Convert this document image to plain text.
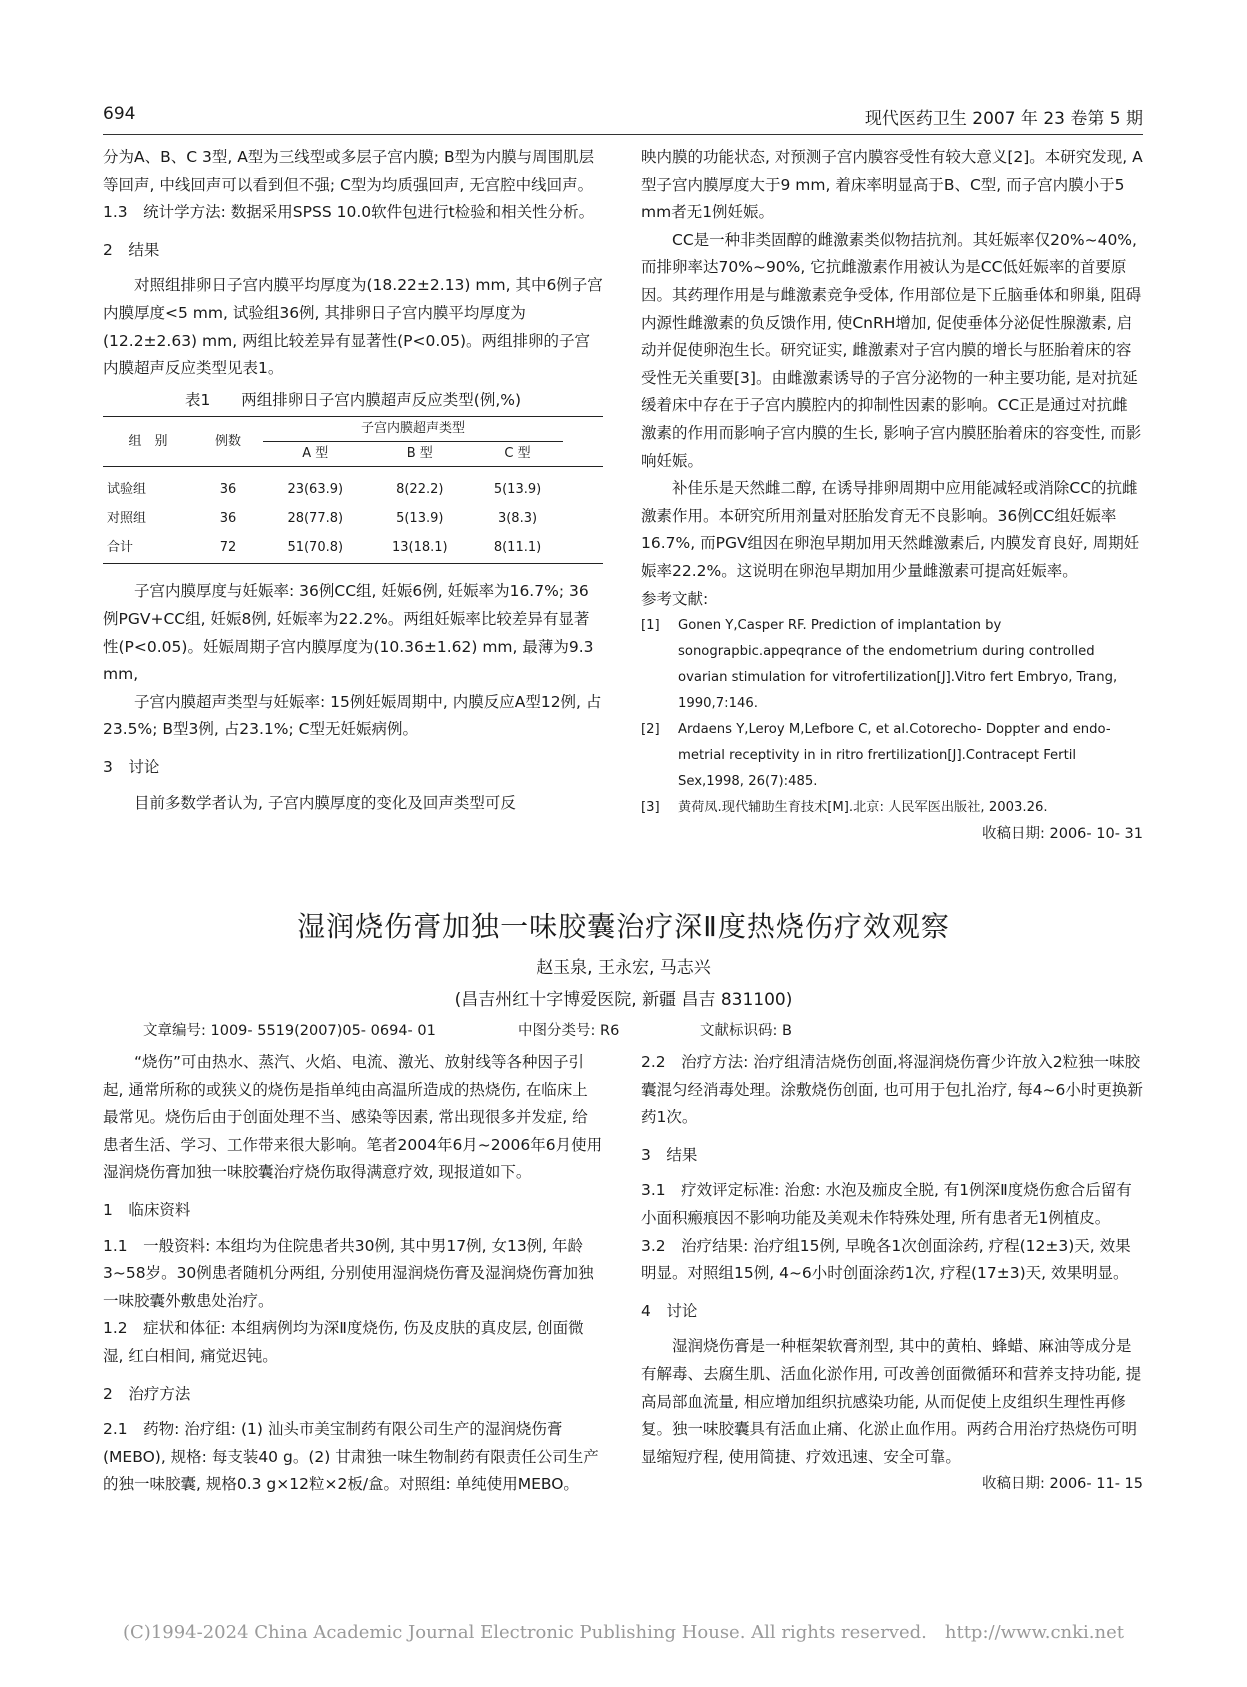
694	现代医药卫生 2007 年 23 卷第 5 期

分为A、B、C 3型, A型为三线型或多层子宫内膜; B型为内膜与周围肌层等回声, 中线回声可以看到但不强; C型为均质强回声, 无宫腔中线回声。

1.3　统计学方法: 数据采用SPSS 10.0软件包进行t检验和相关性分析。

2　结果

对照组排卵日子宫内膜平均厚度为(18.22±2.13) mm, 其中6例子宫内膜厚度<5 mm, 试验组36例, 其排卵日子宫内膜平均厚度为(12.2±2.63) mm, 两组比较差异有显著性(P<0.05)。两组排卵的子宫内膜超声反应类型见表1。

表1　　两组排卵日子宫内膜超声反应类型(例,%)

组　别	例数	子宫内膜超声类型			
		A 型	B 型	C 型	
试验组	36	23(63.9)	8(22.2)	5(13.9)	
对照组	36	28(77.8)	5(13.9)	3(8.3)	
合计	72	51(70.8)	13(18.1)	8(11.1)	

子宫内膜厚度与妊娠率: 36例CC组, 妊娠6例, 妊娠率为16.7%; 36例PGV+CC组, 妊娠8例, 妊娠率为22.2%。两组妊娠率比较差异有显著性(P<0.05)。妊娠周期子宫内膜厚度为(10.36±1.62) mm, 最薄为9.3 mm,

子宫内膜超声类型与妊娠率: 15例妊娠周期中, 内膜反应A型12例, 占23.5%; B型3例, 占23.1%; C型无妊娠病例。

3　讨论

目前多数学者认为, 子宫内膜厚度的变化及回声类型可反

映内膜的功能状态, 对预测子宫内膜容受性有较大意义[2]。本研究发现, A型子宫内膜厚度大于9 mm, 着床率明显高于B、C型, 而子宫内膜小于5 mm者无1例妊娠。

CC是一种非类固醇的雌激素类似物拮抗剂。其妊娠率仅20%~40%, 而排卵率达70%~90%, 它抗雌激素作用被认为是CC低妊娠率的首要原因。其药理作用是与雌激素竞争受体, 作用部位是下丘脑垂体和卵巢, 阻碍内源性雌激素的负反馈作用, 使CnRH增加, 促使垂体分泌促性腺激素, 启动并促使卵泡生长。研究证实, 雌激素对子宫内膜的增长与胚胎着床的容受性无关重要[3]。由雌激素诱导的子宫分泌物的一种主要功能, 是对抗延缓着床中存在于子宫内膜腔内的抑制性因素的影响。CC正是通过对抗雌激素的作用而影响子宫内膜的生长, 影响子宫内膜胚胎着床的容变性, 而影响妊娠。

补佳乐是天然雌二醇, 在诱导排卵周期中应用能减轻或消除CC的抗雌激素作用。本研究所用剂量对胚胎发育无不良影响。36例CC组妊娠率16.7%, 而PGV组因在卵泡早期加用天然雌激素后, 内膜发育良好, 周期妊娠率22.2%。这说明在卵泡早期加用少量雌激素可提高妊娠率。

参考文献:

[1]	Gonen Y,Casper RF. Prediction of implantation by sonograpbic.appeqrance of the endometrium during controlled ovarian stimulation for vitrofertilization[J].Vitro fert Embryo, Trang, 1990,7:146.
[2]	Ardaens Y,Leroy M,Lefbore C, et al.Cotorecho- Doppter and endo- metrial receptivity in in ritro frertilization[J].Contracept Fertil Sex,1998, 26(7):485.
[3]	黄荷凤.现代辅助生育技术[M].北京: 人民军医出版社, 2003.26.

收稿日期: 2006- 10- 31

湿润烧伤膏加独一味胶囊治疗深Ⅱ度热烧伤疗效观察
赵玉泉, 王永宏, 马志兴
(昌吉州红十字博爱医院, 新疆 昌吉 831100)
文章编号: 1009- 5519(2007)05- 0694- 01	中图分类号: R6	文献标识码: B

“烧伤”可由热水、蒸汽、火焰、电流、激光、放射线等各种因子引起, 通常所称的或狭义的烧伤是指单纯由高温所造成的热烧伤, 在临床上最常见。烧伤后由于创面处理不当、感染等因素, 常出现很多并发症, 给患者生活、学习、工作带来很大影响。笔者2004年6月~2006年6月使用湿润烧伤膏加独一味胶囊治疗烧伤取得满意疗效, 现报道如下。

1　临床资料

1.1　一般资料: 本组均为住院患者共30例, 其中男17例, 女13例, 年龄3~58岁。30例患者随机分两组, 分别使用湿润烧伤膏及湿润烧伤膏加独一味胶囊外敷患处治疗。

1.2　症状和体征: 本组病例均为深Ⅱ度烧伤, 伤及皮肤的真皮层, 创面微湿, 红白相间, 痛觉迟钝。

2　治疗方法

2.1　药物: 治疗组: (1) 汕头市美宝制药有限公司生产的湿润烧伤膏(MEBO), 规格: 每支装40 g。(2) 甘肃独一味生物制药有限责任公司生产的独一味胶囊, 规格0.3 g×12粒×2板/盒。对照组: 单纯使用MEBO。

2.2　治疗方法: 治疗组清洁烧伤创面,将湿润烧伤膏少许放入2粒独一味胶囊混匀经消毒处理。涂敷烧伤创面, 也可用于包扎治疗, 每4~6小时更换新药1次。

3　结果

3.1　疗效评定标准: 治愈: 水泡及痂皮全脱, 有1例深Ⅱ度烧伤愈合后留有小面积瘢痕因不影响功能及美观未作特殊处理, 所有患者无1例植皮。

3.2　治疗结果: 治疗组15例, 早晚各1次创面涂药, 疗程(12±3)天, 效果明显。对照组15例, 4~6小时创面涂药1次, 疗程(17±3)天, 效果明显。

4　讨论

湿润烧伤膏是一种框架软膏剂型, 其中的黄柏、蜂蜡、麻油等成分是有解毒、去腐生肌、活血化淤作用, 可改善创面微循环和营养支持功能, 提高局部血流量, 相应增加组织抗感染功能, 从而促使上皮组织生理性再修复。独一味胶囊具有活血止痛、化淤止血作用。两药合用治疗热烧伤可明显缩短疗程, 使用简捷、疗效迅速、安全可靠。

收稿日期: 2006- 11- 15

(C)1994-2024 China Academic Journal Electronic Publishing House. All rights reserved.　http://www.cnki.net
